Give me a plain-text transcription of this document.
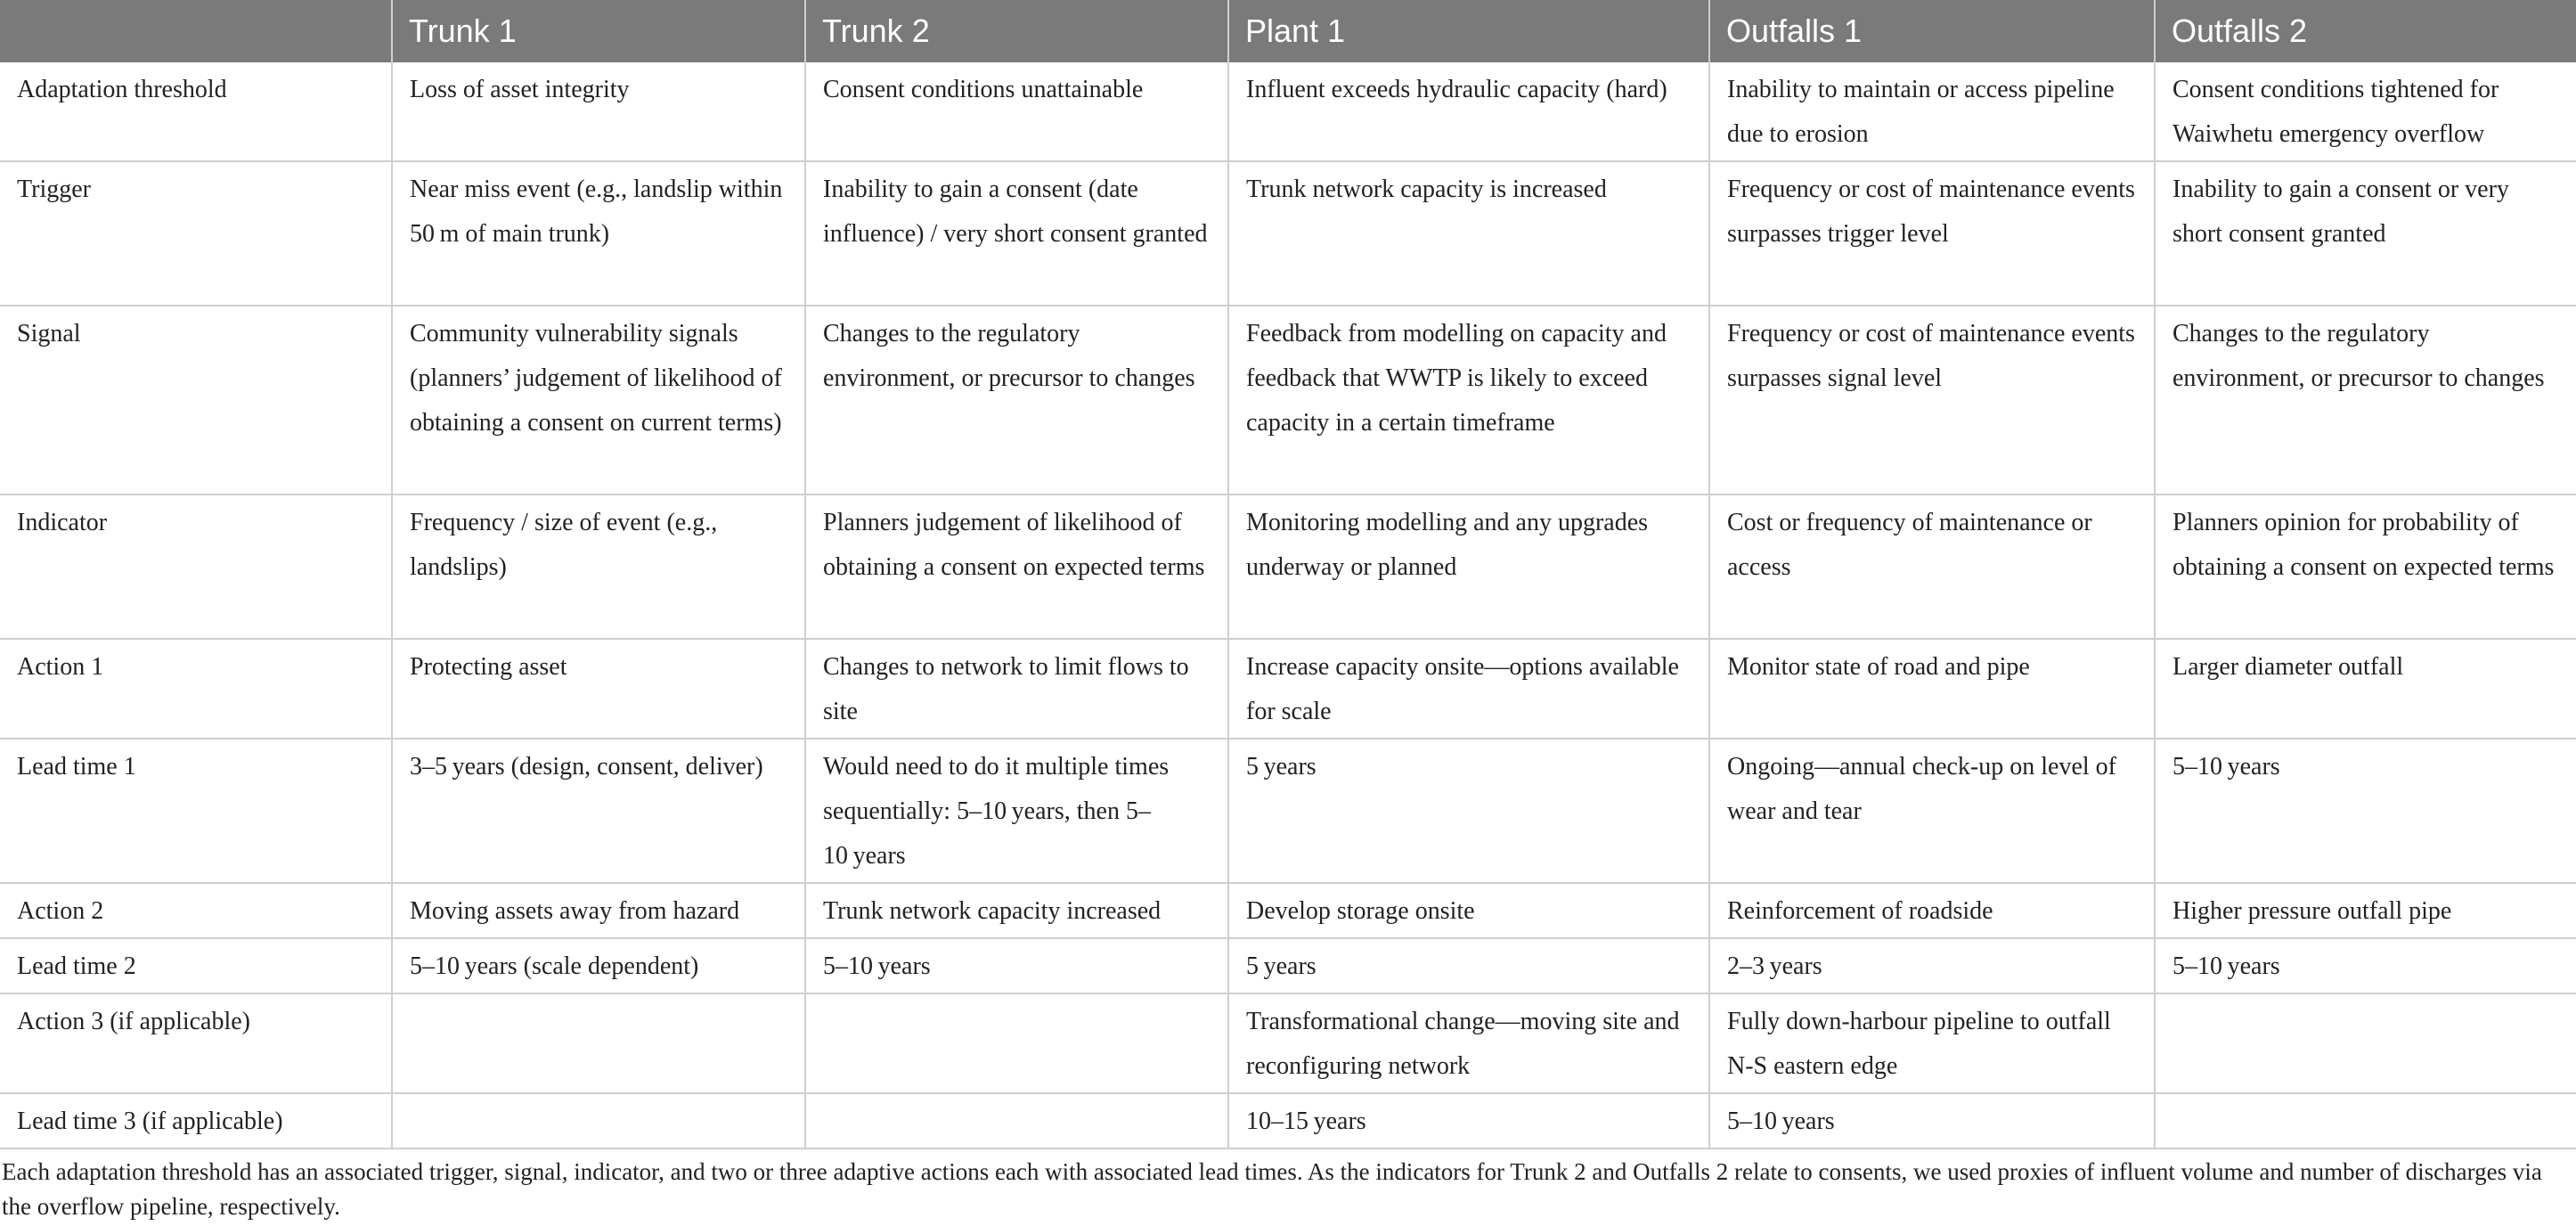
	Trunk 1	Trunk 2	Plant 1	Outfalls 1	Outfalls 2
Adaptation threshold	Loss of asset integrity	Consent conditions unattainable	Influent exceeds hydraulic capacity (hard)	Inability to maintain or access pipeline due to erosion	Consent conditions tightened for Waiwhetu emergency overflow
Trigger	Near miss event (e.g., landslip within 50 m of main trunk)	Inability to gain a consent (date influence) / very short consent granted	Trunk network capacity is increased	Frequency or cost of maintenance events surpasses trigger level	Inability to gain a consent or very short consent granted
Signal	Community vulnerability signals (planners’ judgement of likelihood of obtaining a consent on current terms)	Changes to the regulatory environment, or precursor to changes	Feedback from modelling on capacity and feedback that WWTP is likely to exceed capacity in a certain timeframe	Frequency or cost of maintenance events surpasses signal level	Changes to the regulatory environment, or precursor to changes
Indicator	Frequency / size of event (e.g., landslips)	Planners judgement of likelihood of obtaining a consent on expected terms	Monitoring modelling and any upgrades underway or planned	Cost or frequency of maintenance or access	Planners opinion for probability of obtaining a consent on expected terms
Action 1	Protecting asset	Changes to network to limit flows to site	Increase capacity onsite—options available for scale	Monitor state of road and pipe	Larger diameter outfall
Lead time 1	3–5 years (design, consent, deliver)	Would need to do it multiple times sequentially: 5–10 years, then 5–10 years	5 years	Ongoing—annual check-up on level of wear and tear	5–10 years
Action 2	Moving assets away from hazard	Trunk network capacity increased	Develop storage onsite	Reinforcement of roadside	Higher pressure outfall pipe
Lead time 2	5–10 years (scale dependent)	5–10 years	5 years	2–3 years	5–10 years
Action 3 (if applicable)			Transformational change—moving site and reconfiguring network	Fully down-harbour pipeline to outfall N-S eastern edge	
Lead time 3 (if applicable)			10–15 years	5–10 years	

Each adaptation threshold has an associated trigger, signal, indicator, and two or three adaptive actions each with associated lead times. As the indicators for Trunk 2 and Outfalls 2 relate to consents, we used proxies of influent volume and number of discharges via the overflow pipeline, respectively.
